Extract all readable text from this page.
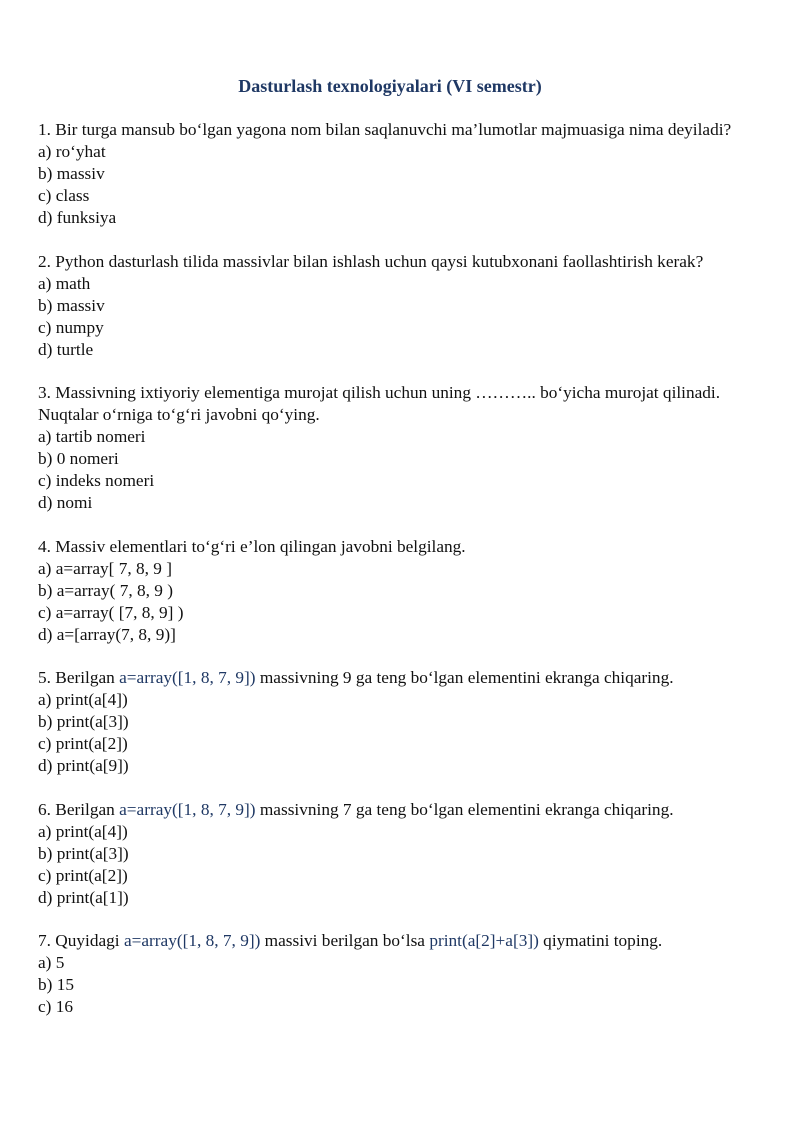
Dasturlash texnologiyalari (VI semestr)
1. Bir turga mansub bo‘lgan yagona nom bilan saqlanuvchi ma’lumotlar majmuasiga nima deyiladi?
a) ro‘yhat
b) massiv
c) class
d) funksiya
2. Python dasturlash tilida massivlar bilan ishlash uchun qaysi kutubxonani faollashtirish kerak?
a) math
b) massiv
c) numpy
d) turtle
3. Massivning ixtiyoriy elementiga murojat qilish uchun uning ……….. bo‘yicha murojat qilinadi. Nuqtalar o‘rniga to‘g‘ri javobni qo‘ying.
a) tartib nomeri
b) 0 nomeri
c) indeks nomeri
d) nomi
4. Massiv elementlari to‘g‘ri e’lon qilingan javobni belgilang.
a) a=array[ 7, 8, 9 ]
b) a=array( 7, 8, 9 )
c) a=array( [7, 8, 9] )
d) a=[array(7, 8, 9)]
5. Berilgan a=array([1, 8, 7, 9]) massivning 9 ga teng bo‘lgan elementini ekranga chiqaring.
a) print(a[4])
b) print(a[3])
c) print(a[2])
d) print(a[9])
6. Berilgan a=array([1, 8, 7, 9]) massivning 7 ga teng bo‘lgan elementini ekranga chiqaring.
a) print(a[4])
b) print(a[3])
c) print(a[2])
d) print(a[1])
7. Quyidagi a=array([1, 8, 7, 9]) massivi berilgan bo‘lsa print(a[2]+a[3]) qiymatini toping.
a) 5
b) 15
c) 16
